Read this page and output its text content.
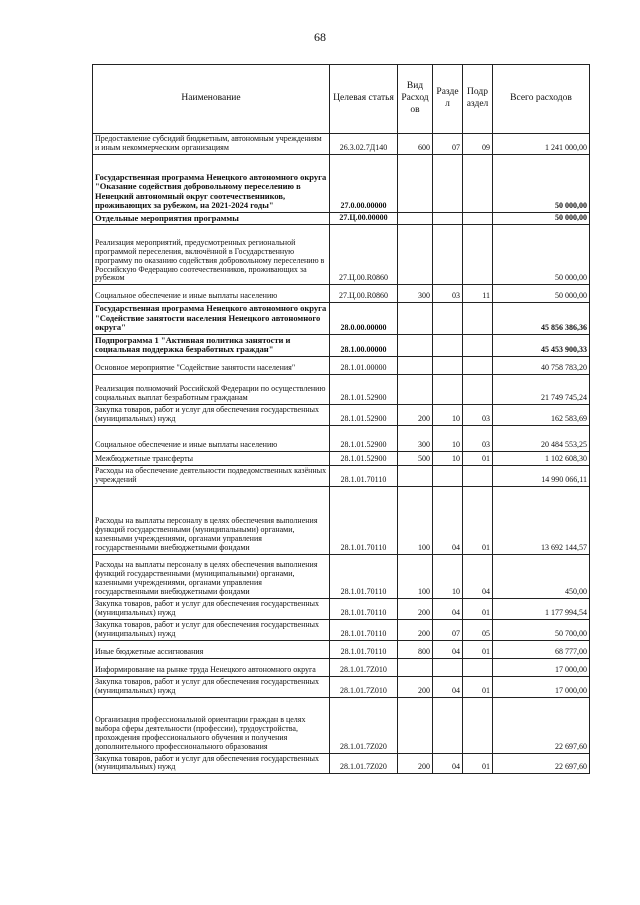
68
Наименование	Целевая статья	Вид Расход ов	Разде л	Подр аздел	Всего расходов
Предоставление субсидий бюджетным, автономным учреждениям и иным некоммерческим организациям	26.3.02.7Д140	600	07	09	1 241 000,00
Государственная программа Ненецкого автономного округа "Оказание содействия добровольному переселению в Ненецкий автономный округ соотечественников, проживающих за рубежом, на 2021-2024 годы"	27.0.00.00000				50 000,00
Отдельные мероприятия программы	27.Ц.00.00000				50 000,00
Реализация мероприятий, предусмотренных региональной программой переселения, включённой в Государственную программу по оказанию содействия добровольному переселению в Российскую Федерацию соотечественников, проживающих за рубежом	27.Ц.00.R0860				50 000,00
Социальное обеспечение и иные выплаты населению	27.Ц.00.R0860	300	03	11	50 000,00
Государственная программа Ненецкого автономного округа "Содействие занятости населения Ненецкого автономного округа"	28.0.00.00000				45 856 386,36
Подпрограмма 1 "Активная политика занятости и социальная поддержка безработных граждан"	28.1.00.00000				45 453 900,33
Основное мероприятие "Содействие занятости населения"	28.1.01.00000				40 758 783,20
Реализация полномочий Российской Федерации по осуществлению социальных выплат безработным гражданам	28.1.01.52900				21 749 745,24
Закупка товаров, работ и услуг для обеспечения государственных (муниципальных) нужд	28.1.01.52900	200	10	03	162 583,69
Социальное обеспечение и иные выплаты населению	28.1.01.52900	300	10	03	20 484 553,25
Межбюджетные трансферты	28.1.01.52900	500	10	01	1 102 608,30
Расходы на обеспечение деятельности подведомственных казённых учреждений	28.1.01.70110				14 990 066,11
Расходы на выплаты персоналу в целях обеспечения выполнения функций государственными (муниципальными) органами, казенными учреждениями, органами управления государственными внебюджетными фондами	28.1.01.70110	100	04	01	13 692 144,57
Расходы на выплаты персоналу в целях обеспечения выполнения функций государственными (муниципальными) органами, казенными учреждениями, органами управления государственными внебюджетными фондами	28.1.01.70110	100	10	04	450,00
Закупка товаров, работ и услуг для обеспечения государственных (муниципальных) нужд	28.1.01.70110	200	04	01	1 177 994,54
Закупка товаров, работ и услуг для обеспечения государственных (муниципальных) нужд	28.1.01.70110	200	07	05	50 700,00
Иные бюджетные ассигнования	28.1.01.70110	800	04	01	68 777,00
Информирование на рынке труда Ненецкого автономного округа	28.1.01.7Z010				17 000,00
Закупка товаров, работ и услуг для обеспечения государственных (муниципальных) нужд	28.1.01.7Z010	200	04	01	17 000,00
Организация профессиональной ориентации граждан в целях выбора сферы деятельности (профессии), трудоустройства, прохождения профессионального обучения и получения дополнительного профессионального образования	28.1.01.7Z020				22 697,60
Закупка товаров, работ и услуг для обеспечения государственных (муниципальных) нужд	28.1.01.7Z020	200	04	01	22 697,60
